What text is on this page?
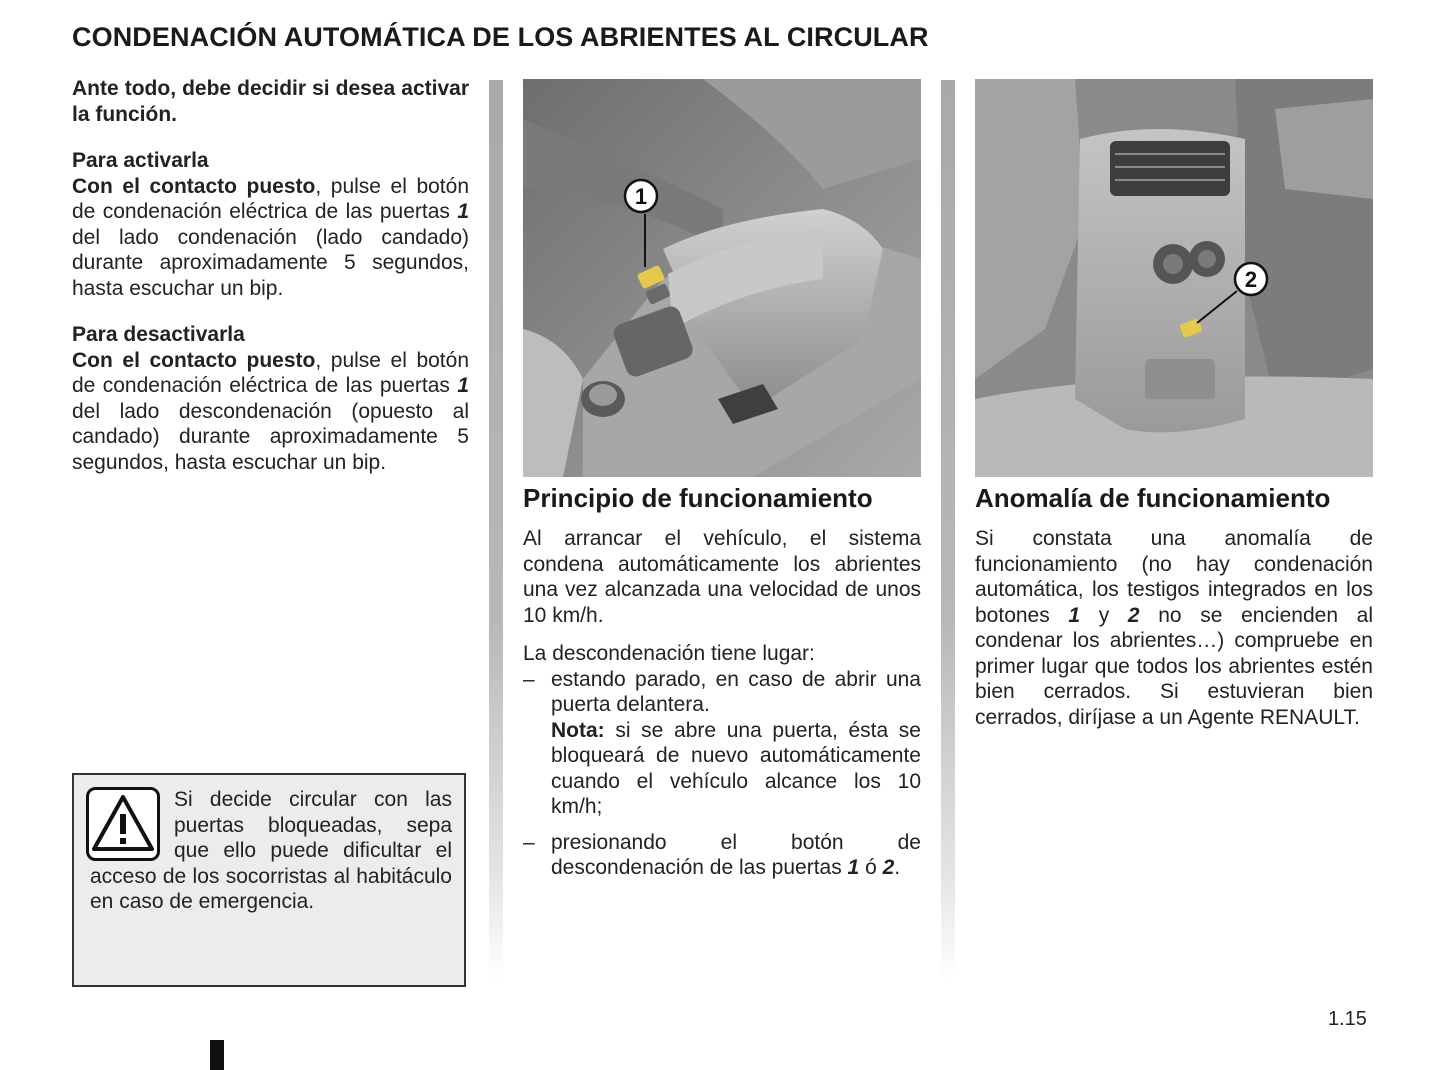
CONDENACIÓN AUTOMÁTICA DE LOS ABRIENTES AL CIRCULAR

Ante todo, debe decidir si desea activar la función.

Para activarla

Con el contacto puesto, pulse el botón de condenación eléctrica de las puertas 1 del lado condenación (lado candado) durante aproximadamente 5 segundos, hasta escuchar un bip.

Para desactivarla

Con el contacto puesto, pulse el botón de condenación eléctrica de las puertas 1 del lado descondenación (opuesto al candado) durante aproximadamente 5 segundos, hasta escuchar un bip.

Si decide circular con las puertas bloqueadas, sepa que ello puede dificultar el acceso de los socorristas al habitáculo en caso de emergencia.
1
2
Principio de funcionamiento

Al arrancar el vehículo, el sistema condena automáticamente los abrientes una vez alcanzada una velocidad de unos 10 km/h.

La descondenación tiene lugar:

– estando parado, en caso de abrir una puerta delantera.
Nota: si se abre una puerta, ésta se bloqueará de nuevo automáticamente cuando el vehículo alcance los 10 km/h;
– presionando el botón de descondenación de las puertas 1 ó 2.
Anomalía de funcionamiento

Si constata una anomalía de funcionamiento (no hay condenación automática, los testigos integrados en los botones 1 y 2 no se encienden al condenar los abrientes…) compruebe en primer lugar que todos los abrientes estén bien cerrados. Si estuvieran bien cerrados, diríjase a un Agente RENAULT.

1.15
